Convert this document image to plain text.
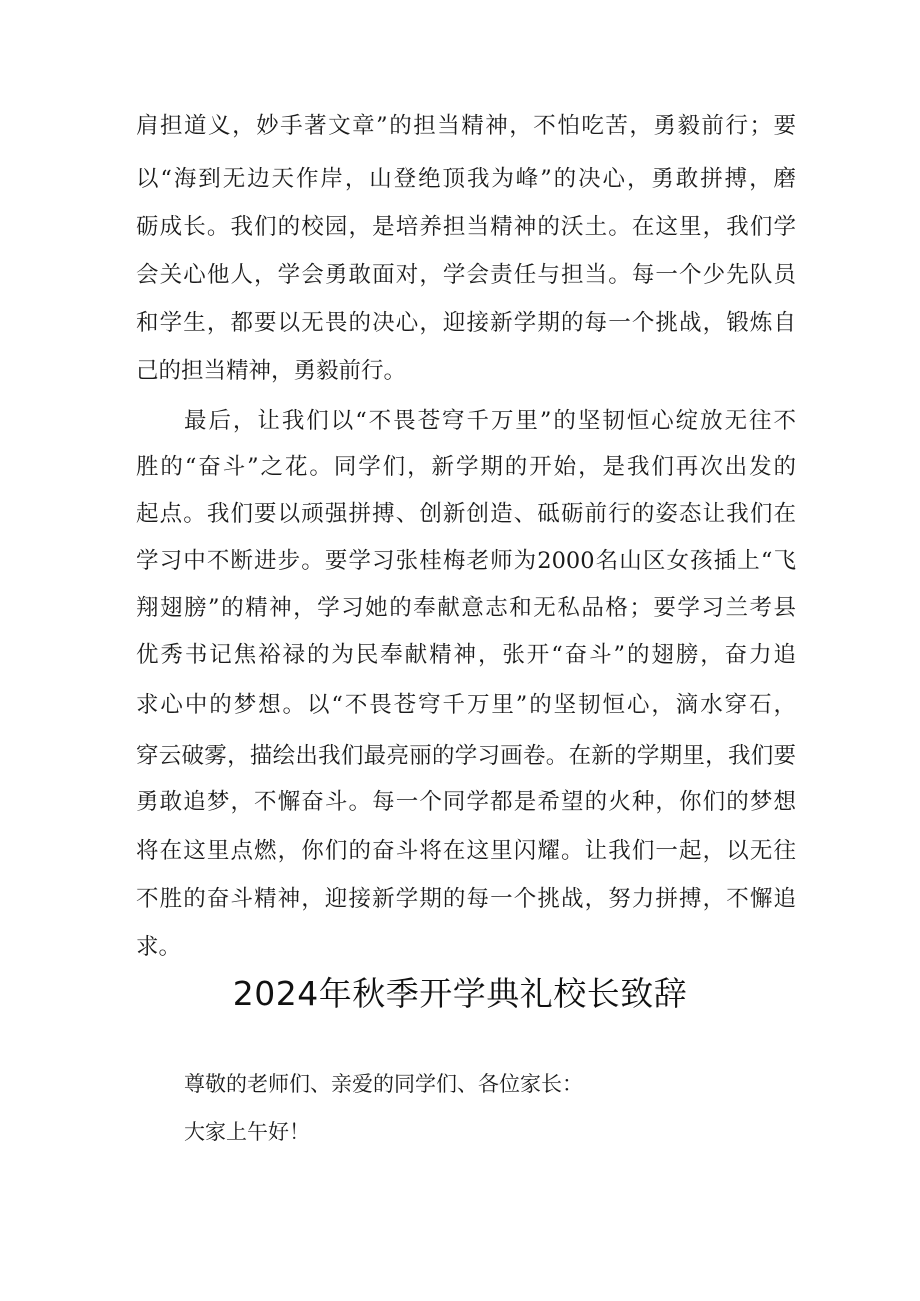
肩担道义，妙手著文章”的担当精神，不怕吃苦，勇毅前行；要
以“海到无边天作岸，山登绝顶我为峰”的决心，勇敢拼搏，磨
砺成长。我们的校园，是培养担当精神的沃土。在这里，我们学
会关心他人，学会勇敢面对，学会责任与担当。每一个少先队员
和学生，都要以无畏的决心，迎接新学期的每一个挑战，锻炼自
己的担当精神，勇毅前行。
最后，让我们以“不畏苍穹千万里”的坚韧恒心绽放无往不
胜的“奋斗”之花。同学们，新学期的开始，是我们再次出发的
起点。我们要以顽强拼搏、创新创造、砥砺前行的姿态让我们在
学习中不断进步。要学习张桂梅老师为2000名山区女孩插上“飞
翔翅膀”的精神，学习她的奉献意志和无私品格；要学习兰考县
优秀书记焦裕禄的为民奉献精神，张开“奋斗”的翅膀，奋力追
求心中的梦想。以“不畏苍穹千万里”的坚韧恒心，滴水穿石，
穿云破雾，描绘出我们最亮丽的学习画卷。在新的学期里，我们要
勇敢追梦，不懈奋斗。每一个同学都是希望的火种，你们的梦想
将在这里点燃，你们的奋斗将在这里闪耀。让我们一起，以无往
不胜的奋斗精神，迎接新学期的每一个挑战，努力拼搏，不懈追
求。
2024年秋季开学典礼校长致辞
尊敬的老师们、亲爱的同学们、各位家长：
大家上午好！
